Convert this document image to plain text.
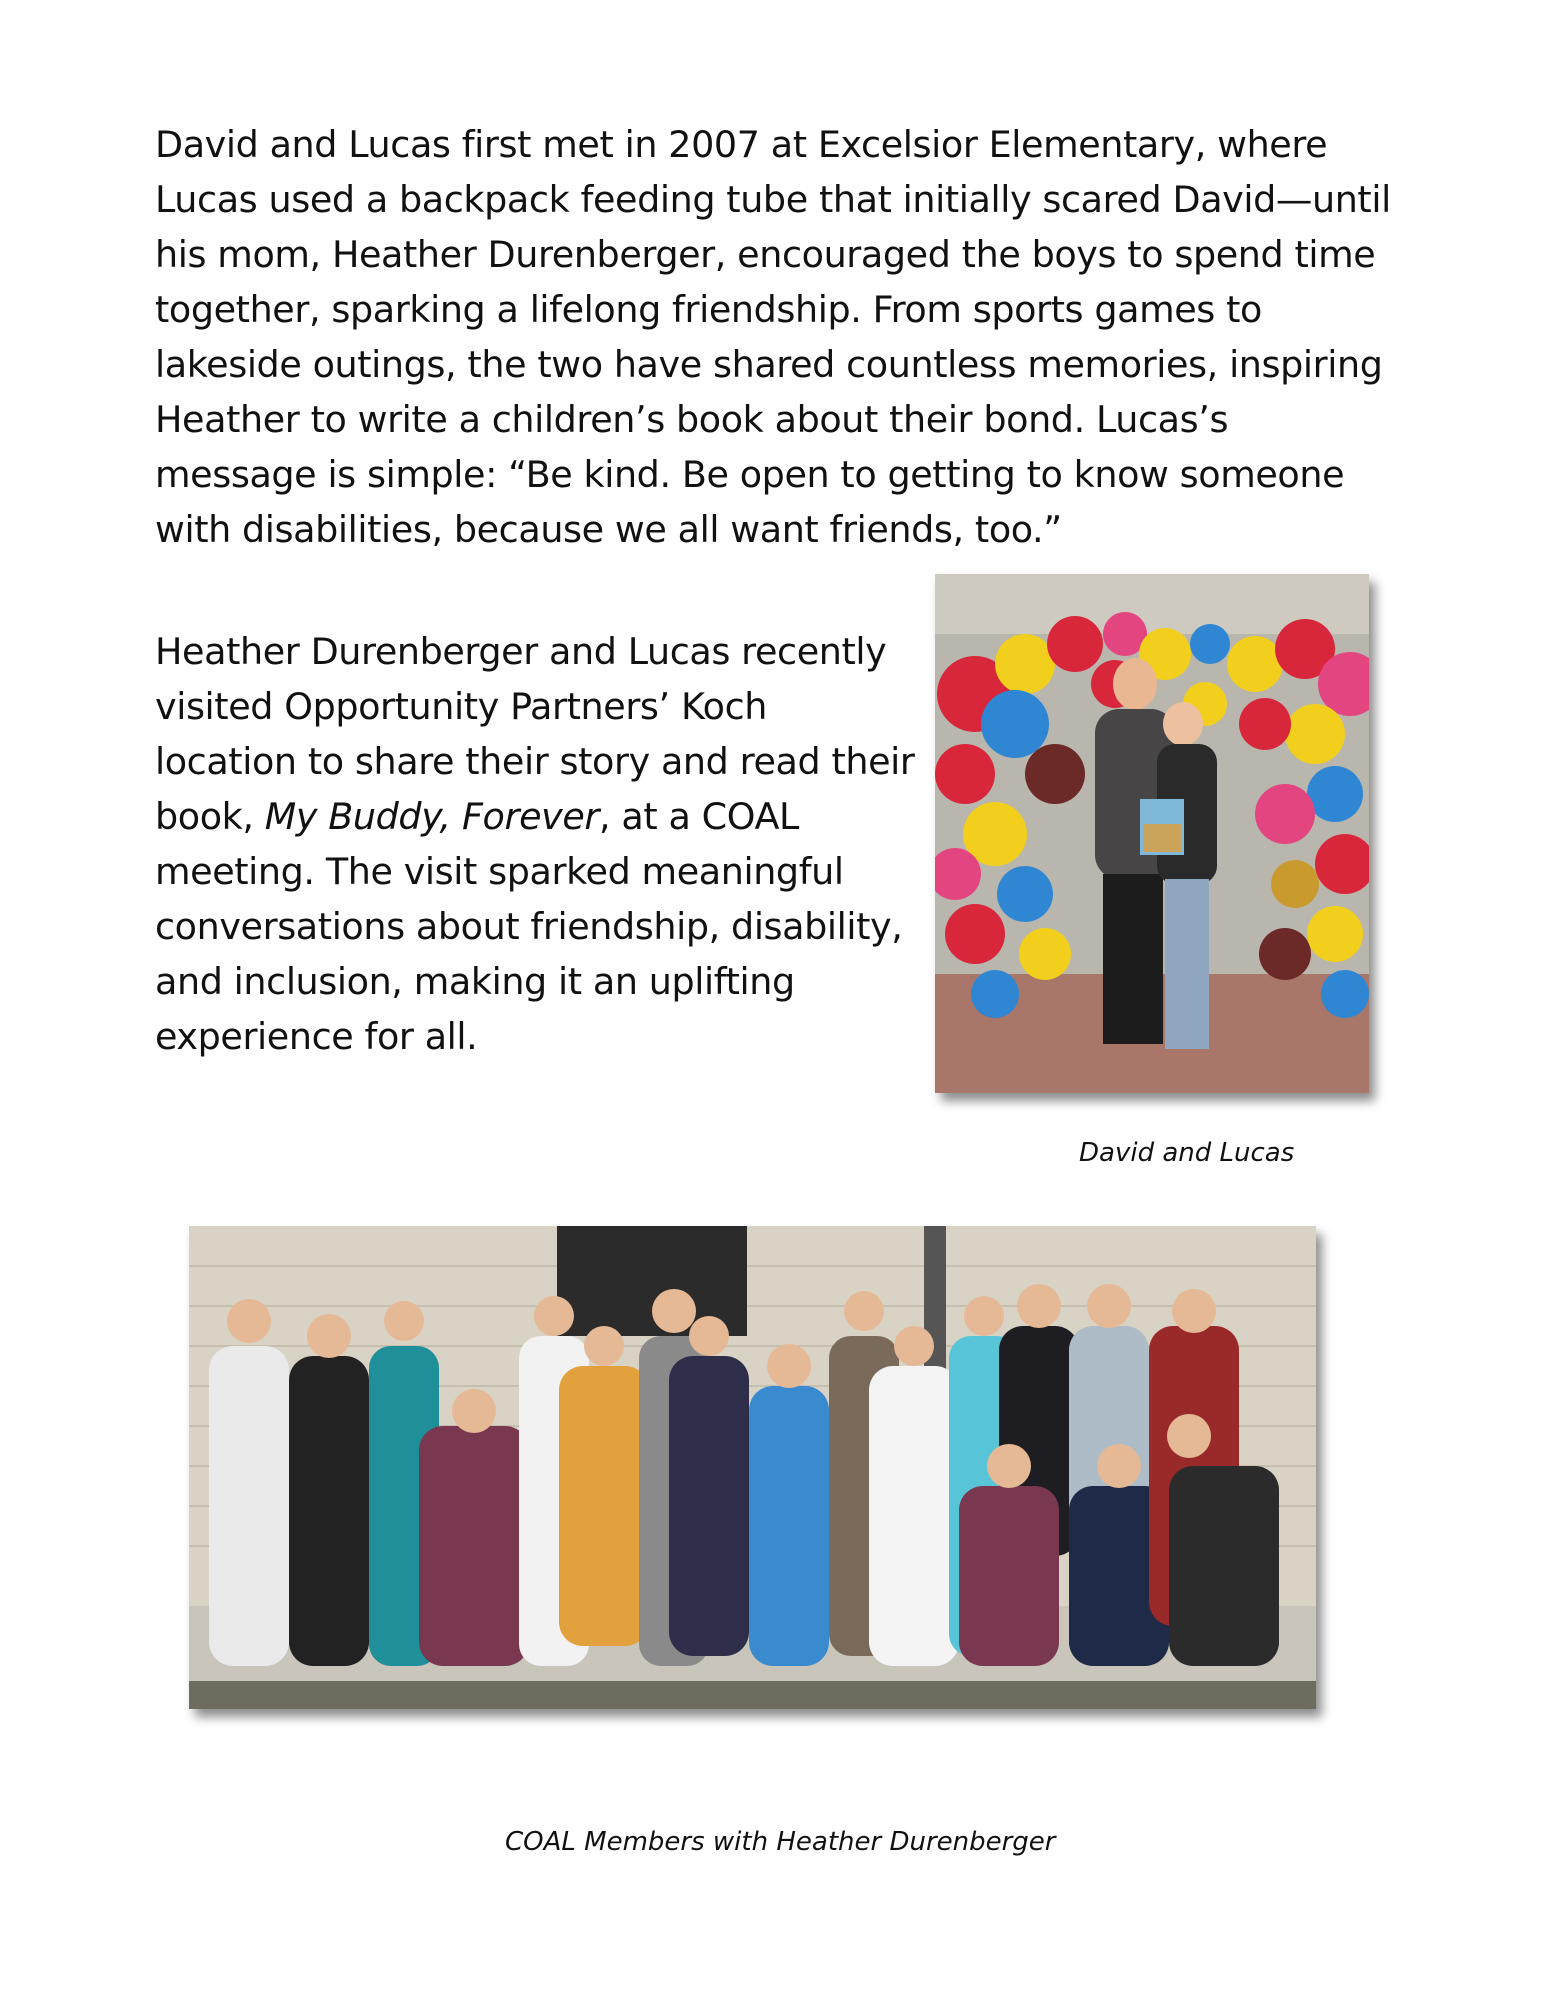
David and Lucas first met in 2007 at Excelsior Elementary, where Lucas used a backpack feeding tube that initially scared David—until his mom, Heather Durenberger, encouraged the boys to spend time together, sparking a lifelong friendship. From sports games to lakeside outings, the two have shared countless memories, inspiring Heather to write a children’s book about their bond. Lucas’s message is simple: “Be kind. Be open to getting to know someone with disabilities, because we all want friends, too.”

Heather Durenberger and Lucas recently visited Opportunity Partners’ Koch location to share their story and read their book, My Buddy, Forever, at a COAL meeting. The visit sparked meaningful conversations about friendship, disability, and inclusion, making it an uplifting experience for all.

David and Lucas

COAL Members with Heather Durenberger
